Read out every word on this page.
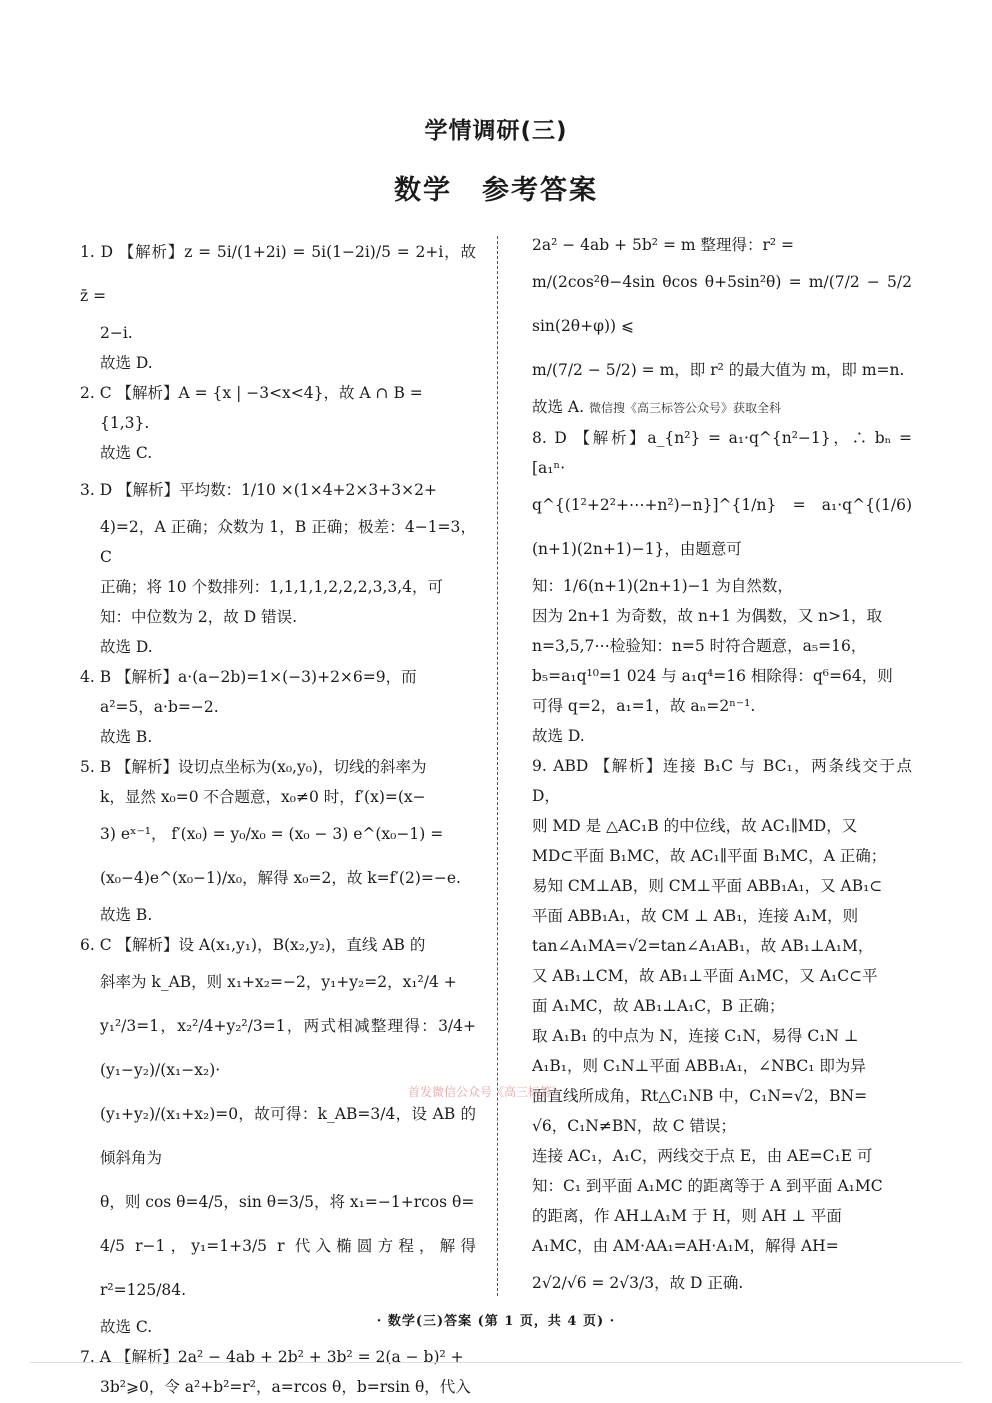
学情调研(三)
数学 参考答案
1. D 【解析】z = 5i/(1+2i) = 5i(1−2i)/5 = 2+i，故 z̄ =
2−i.
故选 D.
2. C 【解析】A = {x | −3<x<4}，故 A ∩ B =
{1,3}.
故选 C.
3. D 【解析】平均数：1/10 ×(1×4+2×3+3×2+
4)=2，A 正确；众数为 1，B 正确；极差：4−1=3，C
正确；将 10 个数排列：1,1,1,1,2,2,2,3,3,4，可
知：中位数为 2，故 D 错误.
故选 D.
4. B 【解析】a·(a−2b)=1×(−3)+2×6=9，而
a²=5，a·b=−2.
故选 B.
5. B 【解析】设切点坐标为(x₀,y₀)，切线的斜率为
k，显然 x₀=0 不合题意，x₀≠0 时，f′(x)=(x−
3) eˣ⁻¹， f′(x₀) = y₀/x₀ = (x₀ − 3) e^(x₀−1) =
(x₀−4)e^(x₀−1)/x₀，解得 x₀=2，故 k=f′(2)=−e.
故选 B.
6. C 【解析】设 A(x₁,y₁)，B(x₂,y₂)，直线 AB 的
斜率为 k_AB，则 x₁+x₂=−2，y₁+y₂=2，x₁²/4 +
y₁²/3=1，x₂²/4+y₂²/3=1，两式相减整理得：3/4+(y₁−y₂)/(x₁−x₂)·
(y₁+y₂)/(x₁+x₂)=0，故可得：k_AB=3/4，设 AB 的倾斜角为
θ，则 cos θ=4/5，sin θ=3/5，将 x₁=−1+rcos θ=
4/5 r−1，y₁=1+3/5 r 代入椭圆方程，解得 r²=125/84.
故选 C.
7. A 【解析】2a² − 4ab + 2b² + 3b² = 2(a − b)² +
3b²⩾0，令 a²+b²=r²，a=rcos θ，b=rsin θ，代入
2a² − 4ab + 5b² = m 整理得：r² =
m/(2cos²θ−4sin θcos θ+5sin²θ) = m/(7/2 − 5/2 sin(2θ+φ)) ⩽
m/(7/2 − 5/2) = m，即 r² 的最大值为 m，即 m=n.
故选 A. 微信搜《高三标答公众号》获取全科
8. D 【解析】a_{n²} = a₁·q^{n²−1}，∴ bₙ = [a₁ⁿ·
q^{(1²+2²+⋯+n²)−n}]^{1/n} = a₁·q^{(1/6)(n+1)(2n+1)−1}，由题意可
知：1/6(n+1)(2n+1)−1 为自然数，
因为 2n+1 为奇数，故 n+1 为偶数，又 n>1，取
n=3,5,7⋯检验知：n=5 时符合题意，a₅=16，
b₅=a₁q¹⁰=1 024 与 a₁q⁴=16 相除得：q⁶=64，则
可得 q=2，a₁=1，故 aₙ=2ⁿ⁻¹.
故选 D.
9. ABD 【解析】连接 B₁C 与 BC₁，两条线交于点 D，
则 MD 是 △AC₁B 的中位线，故 AC₁∥MD，又
MD⊂平面 B₁MC，故 AC₁∥平面 B₁MC，A 正确；
易知 CM⊥AB，则 CM⊥平面 ABB₁A₁，又 AB₁⊂
平面 ABB₁A₁，故 CM ⊥ AB₁，连接 A₁M，则
tan∠A₁MA=√2=tan∠A₁AB₁，故 AB₁⊥A₁M，
又 AB₁⊥CM，故 AB₁⊥平面 A₁MC，又 A₁C⊂平
面 A₁MC，故 AB₁⊥A₁C，B 正确；
取 A₁B₁ 的中点为 N，连接 C₁N，易得 C₁N ⊥
A₁B₁，则 C₁N⊥平面 ABB₁A₁，∠NBC₁ 即为异
面直线所成角，Rt△C₁NB 中，C₁N=√2，BN=
√6，C₁N≠BN，故 C 错误；
连接 AC₁，A₁C，两线交于点 E，由 AE=C₁E 可
知：C₁ 到平面 A₁MC 的距离等于 A 到平面 A₁MC
的距离，作 AH⊥A₁M 于 H，则 AH ⊥ 平面
A₁MC，由 AM·AA₁=AH·A₁M，解得 AH=
2√2/√6 = 2√3/3，故 D 正确.
首发微信公众号《高三标答》
· 数学(三)答案 (第 1 页，共 4 页) ·
